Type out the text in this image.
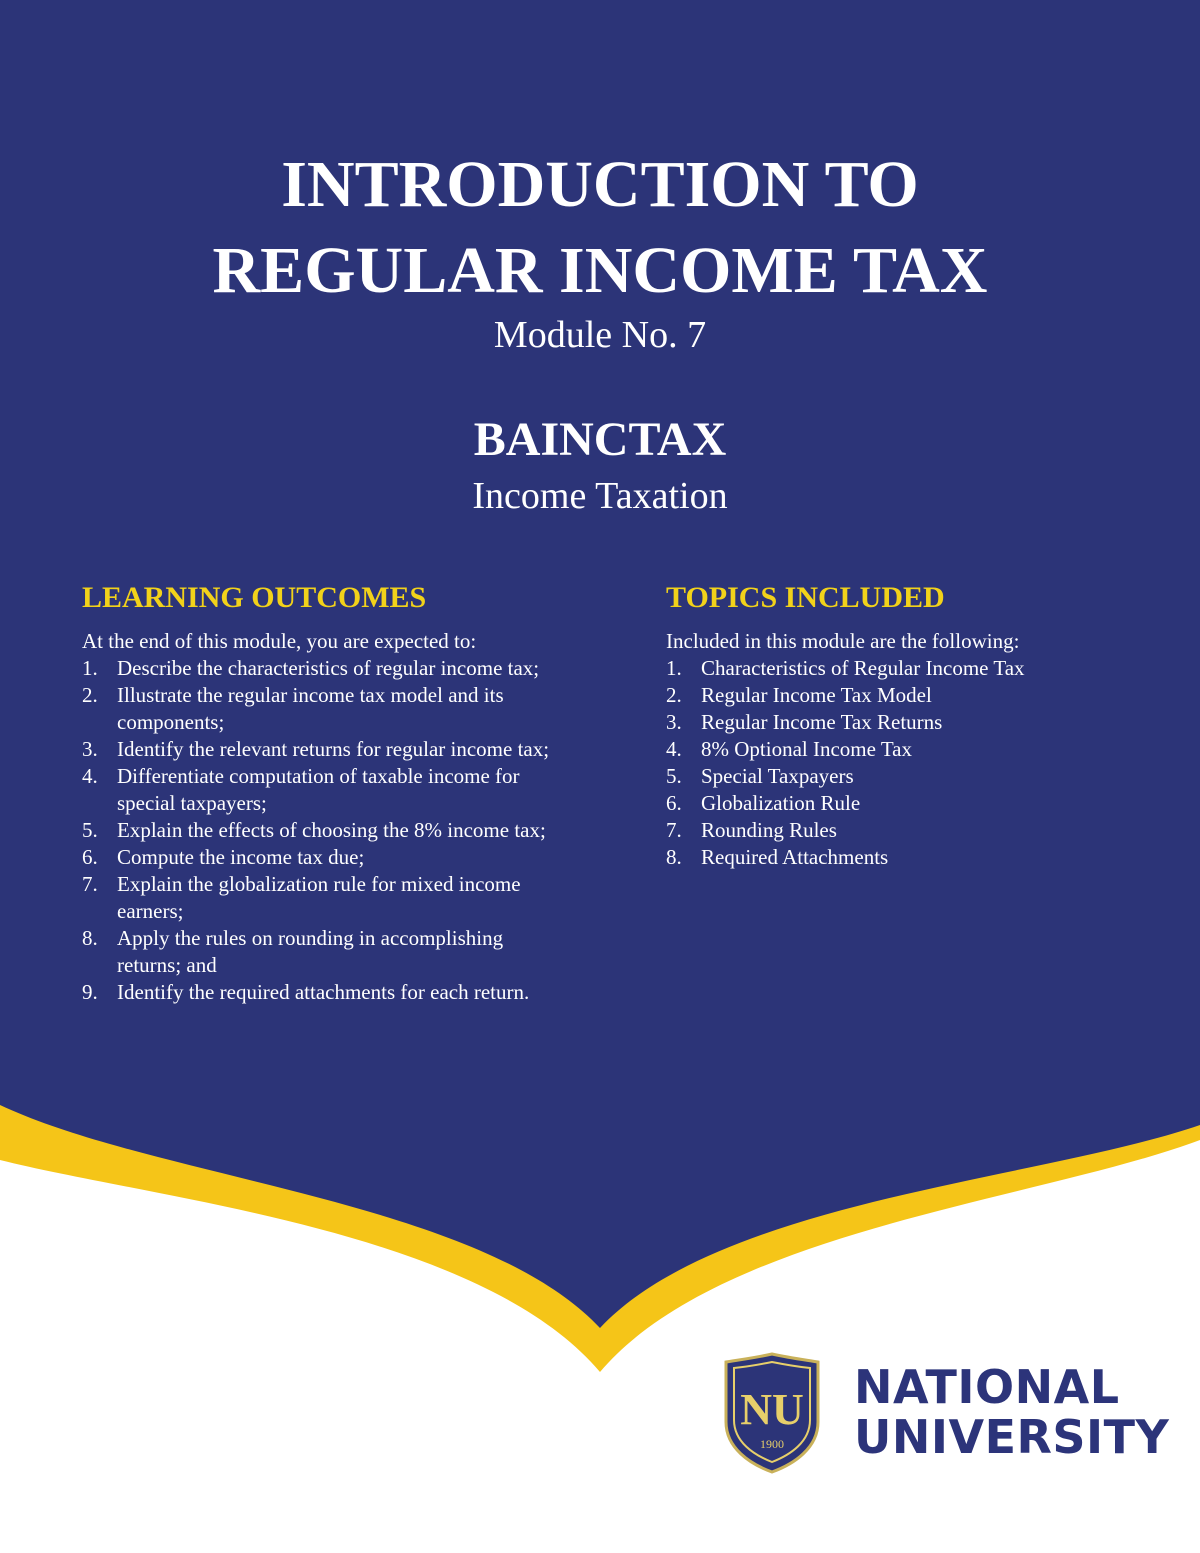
INTRODUCTION TO
REGULAR INCOME TAX
Module No. 7
BAINCTAX
Income Taxation
LEARNING OUTCOMES

At the end of this module, you are expected to:

1. Describe the characteristics of regular income tax;
2. Illustrate the regular income tax model and its components;
3. Identify the relevant returns for regular income tax;
4. Differentiate computation of taxable income for special taxpayers;
5. Explain the effects of choosing the 8% income tax;
6. Compute the income tax due;
7. Explain the globalization rule for mixed income earners;
8. Apply the rules on rounding in accomplishing returns; and
9. Identify the required attachments for each return.
TOPICS INCLUDED

Included in this module are the following:

1. Characteristics of Regular Income Tax
2. Regular Income Tax Model
3. Regular Income Tax Returns
4. 8% Optional Income Tax
5. Special Taxpayers
6. Globalization Rule
7. Rounding Rules
8. Required Attachments
NU
1900
NATIONAL
UNIVERSITY
